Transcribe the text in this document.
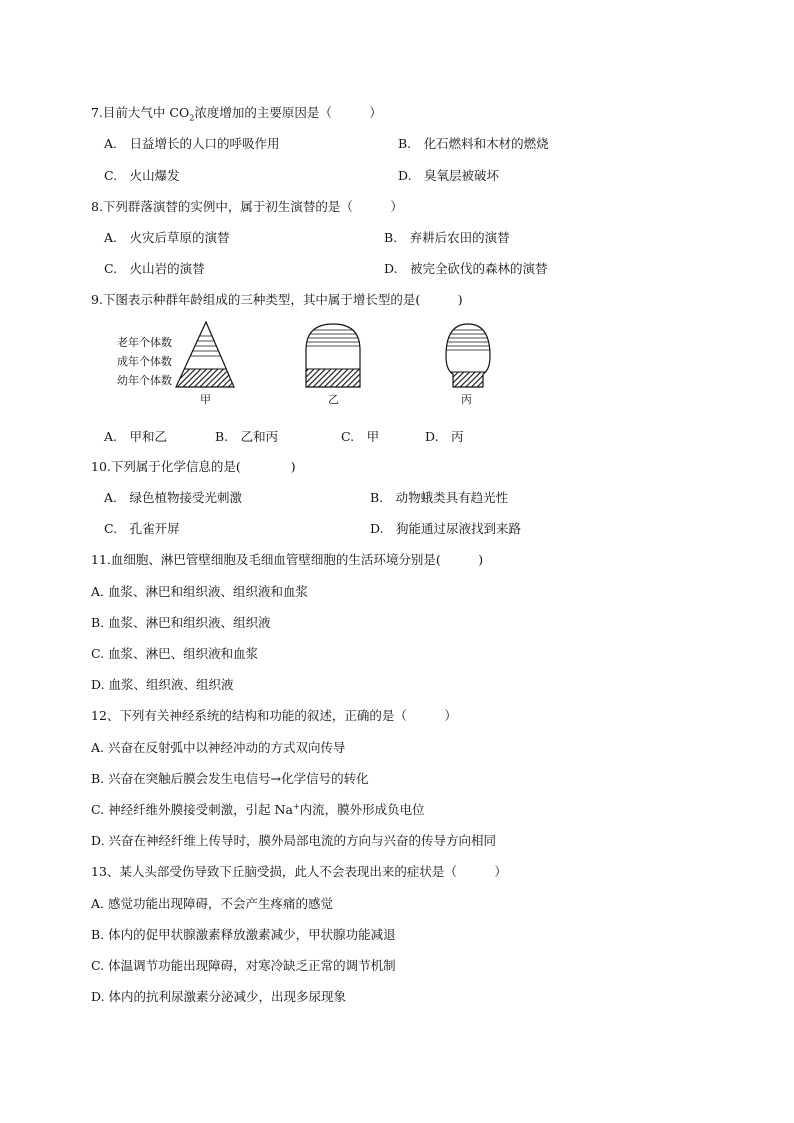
7.目前大气中 $CO_2$浓度增加的主要原因是（　　　）
A.　日益增长的人口的呼吸作用	B.　化石燃料和木材的燃烧
C.　火山爆发	D.　臭氧层被破坏
8.下列群落演替的实例中，属于初生演替的是（　　　）
A.　火灾后草原的演替	B.　弃耕后农田的演替
C.　火山岩的演替	D.　被完全砍伐的森林的演替
9.下图表示种群年龄组成的三种类型，其中属于增长型的是(　　　)
老年个体数
成年个体数
幼年个体数
甲	乙	丙
A.　甲和乙	B.　乙和丙	C.　甲	D.　丙
10.下列属于化学信息的是(　　　　)
A.　绿色植物接受光刺激	B.　动物蛾类具有趋光性
C.　孔雀开屏	D.　狗能通过尿液找到来路
11.血细胞、淋巴管壁细胞及毛细血管壁细胞的生活环境分别是(　　　)
A. 血浆、淋巴和组织液、组织液和血浆
B. 血浆、淋巴和组织液、组织液
C. 血浆、淋巴、组织液和血浆
D. 血浆、组织液、组织液
12、下列有关神经系统的结构和功能的叙述，正确的是（　　　）
A. 兴奋在反射弧中以神经冲动的方式双向传导
B. 兴奋在突触后膜会发生电信号→化学信号的转化
C. 神经纤维外膜接受刺激，引起 Na+内流，膜外形成负电位
D. 兴奋在神经纤维上传导时，膜外局部电流的方向与兴奋的传导方向相同
13、某人头部受伤导致下丘脑受损，此人不会表现出来的症状是（　　　）
A. 感觉功能出现障碍，不会产生疼痛的感觉
B. 体内的促甲状腺激素释放激素减少，甲状腺功能减退
C. 体温调节功能出现障碍，对寒冷缺乏正常的调节机制
D. 体内的抗利尿激素分泌减少，出现多尿现象
